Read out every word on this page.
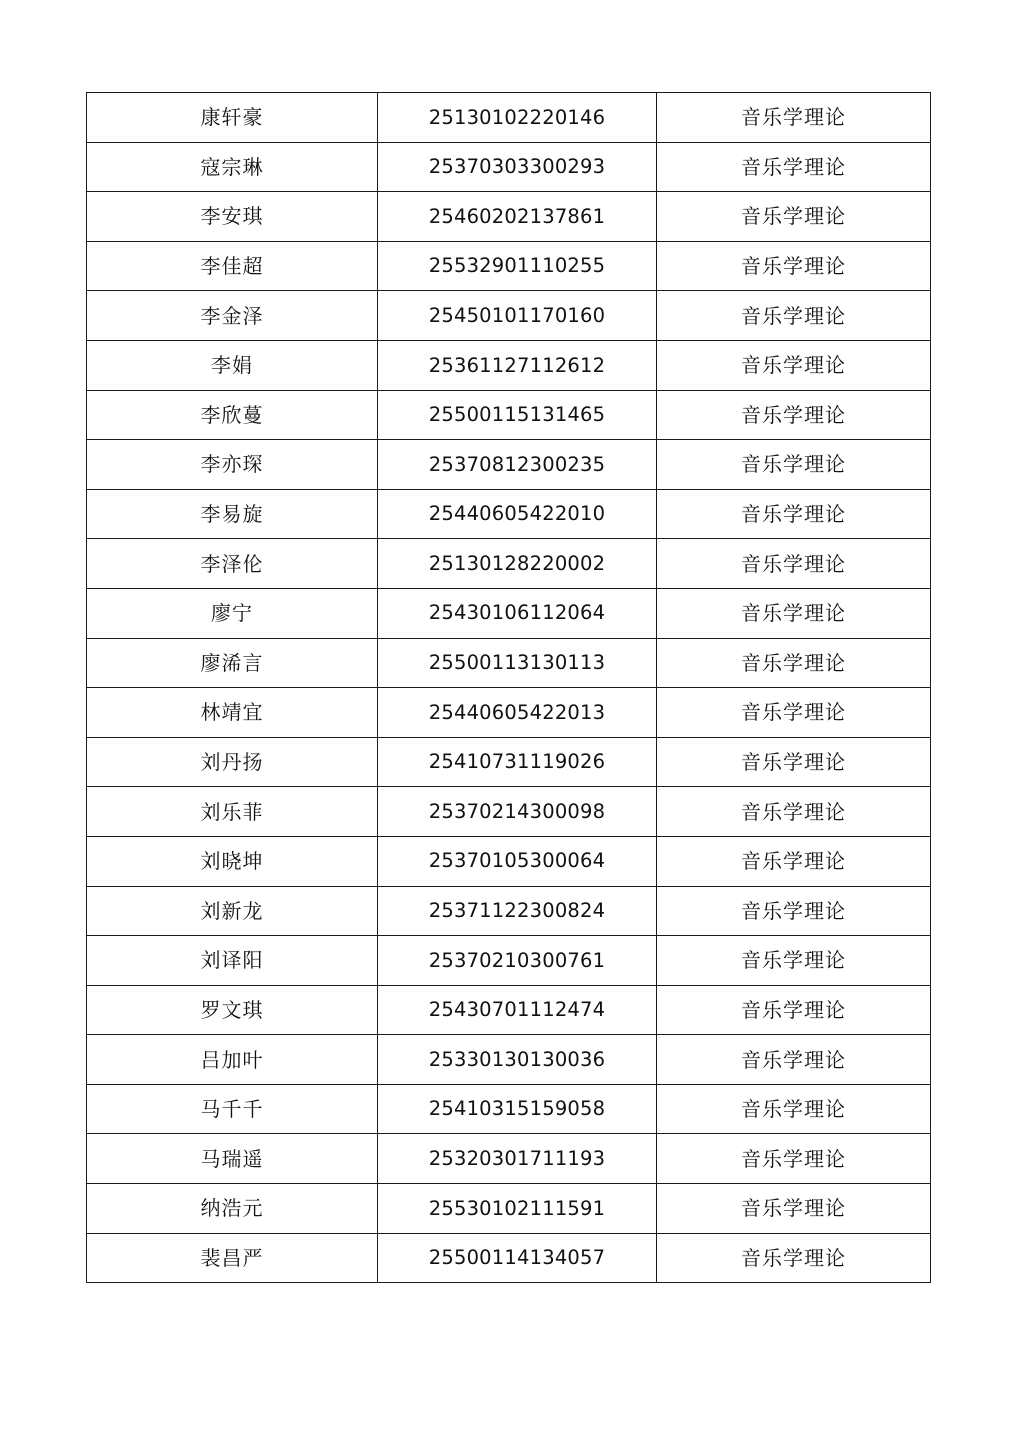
康轩豪	25130102220146	音乐学理论
寇宗琳	25370303300293	音乐学理论
李安琪	25460202137861	音乐学理论
李佳超	25532901110255	音乐学理论
李金泽	25450101170160	音乐学理论
李娟	25361127112612	音乐学理论
李欣蔓	25500115131465	音乐学理论
李亦琛	25370812300235	音乐学理论
李易旋	25440605422010	音乐学理论
李泽伦	25130128220002	音乐学理论
廖宁	25430106112064	音乐学理论
廖浠言	25500113130113	音乐学理论
林靖宜	25440605422013	音乐学理论
刘丹扬	25410731119026	音乐学理论
刘乐菲	25370214300098	音乐学理论
刘晓坤	25370105300064	音乐学理论
刘新龙	25371122300824	音乐学理论
刘译阳	25370210300761	音乐学理论
罗文琪	25430701112474	音乐学理论
吕加叶	25330130130036	音乐学理论
马千千	25410315159058	音乐学理论
马瑞遥	25320301711193	音乐学理论
纳浩元	25530102111591	音乐学理论
裴昌严	25500114134057	音乐学理论
